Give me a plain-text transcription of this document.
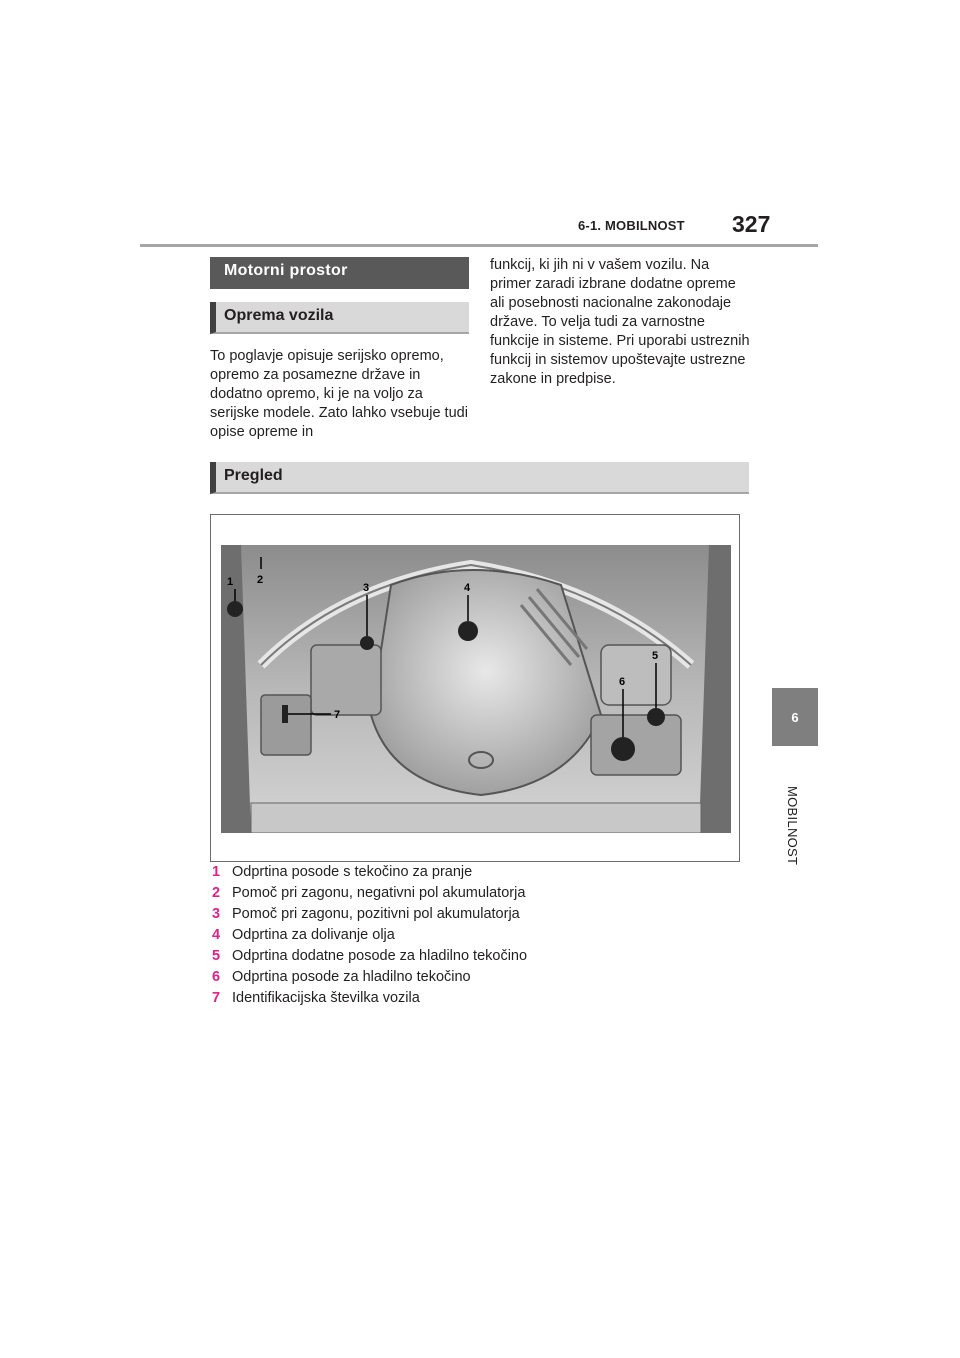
6-1. MOBILNOST 327
6
MOBILNOST
Motorni prostor
Oprema vozila
To poglavje opisuje serijsko opremo, opremo za posamezne države in dodatno opremo, ki je na voljo za serijske modele. Zato lahko vsebuje tudi opise opreme in
funkcij, ki jih ni v vašem vozilu. Na primer zaradi izbrane dodatne opreme ali posebnosti nacionalne zakonodaje države. To velja tudi za varnostne funkcije in sisteme. Pri uporabi ustreznih funkcij in sistemov upoštevajte ustrezne zakone in predpise.
Pregled
1 2
3	4
5
6
7
1 Odprtina posode s tekočino za pranje
2 Pomoč pri zagonu, negativni pol akumulatorja
3 Pomoč pri zagonu, pozitivni pol akumulatorja
4 Odprtina za dolivanje olja
5 Odprtina dodatne posode za hladilno tekočino
6 Odprtina posode za hladilno tekočino
7 Identifikacijska številka vozila
